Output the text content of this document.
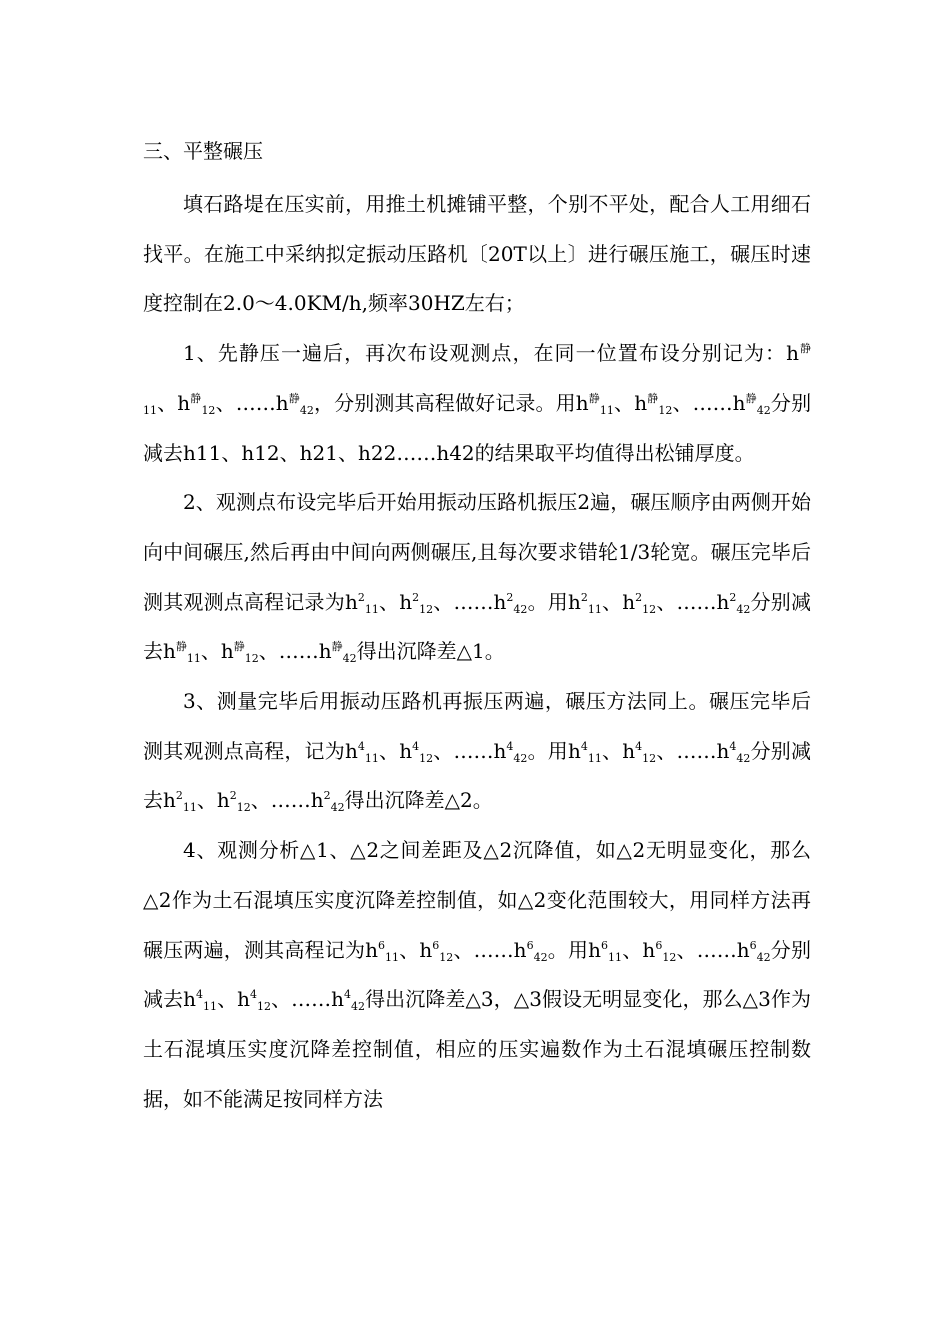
三、平整碾压

填石路堤在压实前，用推土机摊铺平整，个别不平处，配合人工用细石找平。在施工中采纳拟定振动压路机〔20T以上〕进行碾压施工，碾压时速度控制在2.0～4.0KM/h,频率30HZ左右；

1、先静压一遍后，再次布设观测点，在同一位置布设分别记为：$h^静_{11}$、$h^静_{12}$、$\dots\dots h^静_{42}$，分别测其高程做好记录。用$h^静_{11}$、$h^静_{12}$、$\dots\dots h^静_{42}$分别减去h11、h12、h21、h22……h42的结果取平均值得出松铺厚度。

2、观测点布设完毕后开始用振动压路机振压2遍，碾压顺序由两侧开始向中间碾压,然后再由中间向两侧碾压,且每次要求错轮1/3轮宽。碾压完毕后测其观测点高程记录为$h^2_{11}$、$h^2_{12}$、$\dots\dots h^2_{42}$。用$h^2_{11}$、$h^2_{12}$、$\dots\dots h^2_{42}$分别减去$h^静_{11}$、$h^静_{12}$、$\dots\dots h^静_{42}$得出沉降差△1。

3、测量完毕后用振动压路机再振压两遍，碾压方法同上。碾压完毕后测其观测点高程，记为$h^4_{11}$、$h^4_{12}$、$\dots\dots h^4_{42}$。用$h^4_{11}$、$h^4_{12}$、$\dots\dots h^4_{42}$分别减去$h^2_{11}$、$h^2_{12}$、$\dots\dots h^2_{42}$得出沉降差△2。

4、观测分析△1、△2之间差距及△2沉降值，如△2无明显变化，那么△2作为土石混填压实度沉降差控制值，如△2变化范围较大，用同样方法再碾压两遍，测其高程记为$h^6_{11}$、$h^6_{12}$、$\dots\dots h^6_{42}$。用$h^6_{11}$、$h^6_{12}$、$\dots\dots h^6_{42}$分别减去$h^4_{11}$、$h^4_{12}$、$\dots\dots h^4_{42}$得出沉降差△3，△3假设无明显变化，那么△3作为土石混填压实度沉降差控制值，相应的压实遍数作为土石混填碾压控制数据，如不能满足按同样方法
